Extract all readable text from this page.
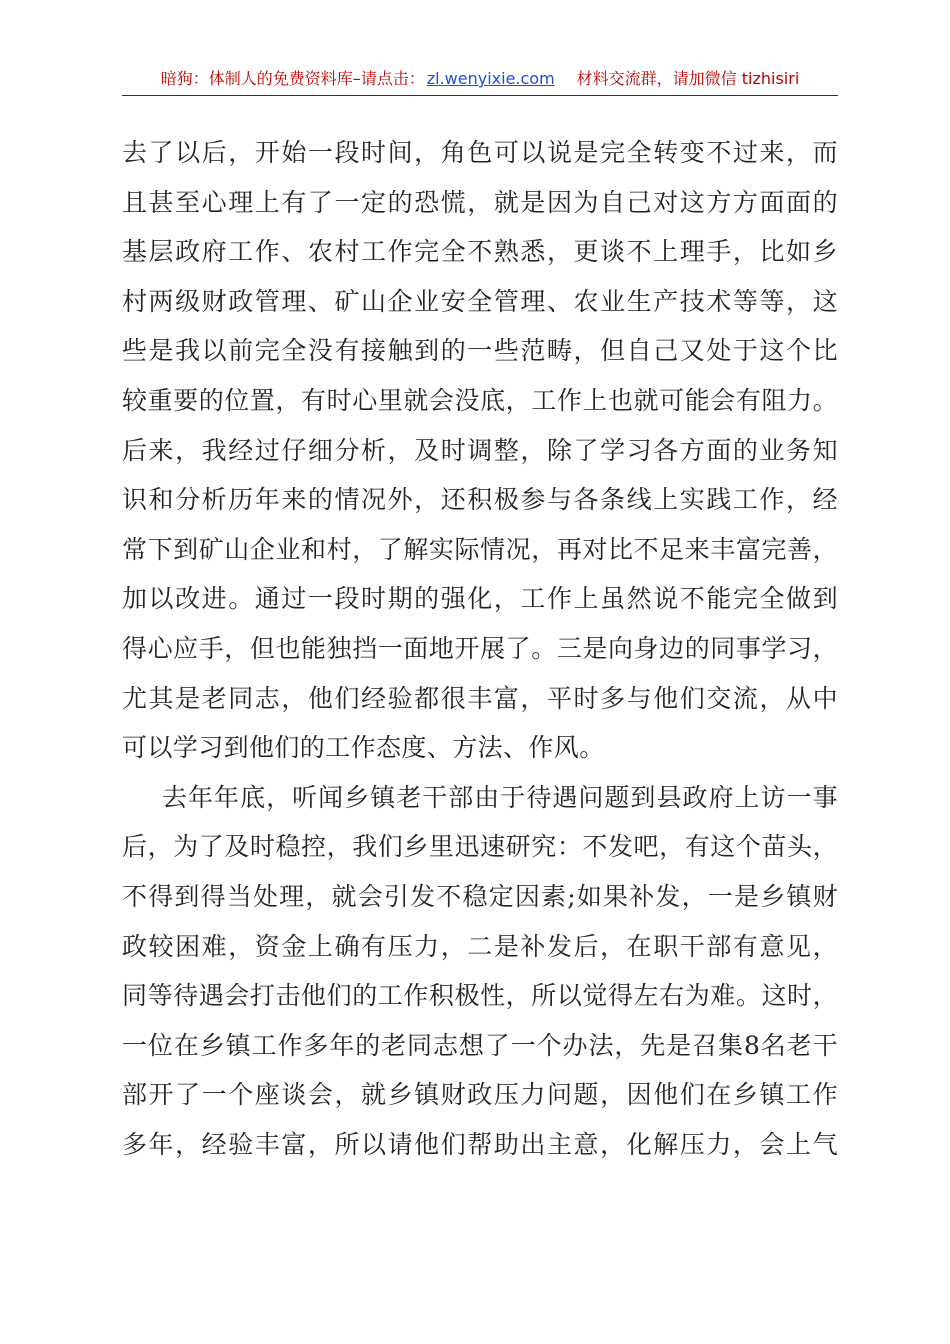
暗狗：体制人的免费资料库–请点击： zl.wenyixie.com 材料交流群，请加微信 tizhisiri
去了以后，开始一段时间，角色可以说是完全转变不过来，而
且甚至心理上有了一定的恐慌，就是因为自己对这方方面面的
基层政府工作、农村工作完全不熟悉，更谈不上理手，比如乡
村两级财政管理、矿山企业安全管理、农业生产技术等等，这
些是我以前完全没有接触到的一些范畴，但自己又处于这个比
较重要的位置，有时心里就会没底，工作上也就可能会有阻力。
后来，我经过仔细分析，及时调整，除了学习各方面的业务知
识和分析历年来的情况外，还积极参与各条线上实践工作，经
常下到矿山企业和村，了解实际情况，再对比不足来丰富完善，
加以改进。通过一段时期的强化，工作上虽然说不能完全做到
得心应手，但也能独挡一面地开展了。三是向身边的同事学习，
尤其是老同志，他们经验都很丰富，平时多与他们交流，从中
可以学习到他们的工作态度、方法、作风。
去年年底，听闻乡镇老干部由于待遇问题到县政府上访一事
后，为了及时稳控，我们乡里迅速研究：不发吧，有这个苗头，
不得到得当处理，就会引发不稳定因素;如果补发，一是乡镇财
政较困难，资金上确有压力，二是补发后，在职干部有意见，
同等待遇会打击他们的工作积极性，所以觉得左右为难。这时，
一位在乡镇工作多年的老同志想了一个办法，先是召集8名老干
部开了一个座谈会，就乡镇财政压力问题，因他们在乡镇工作
多年，经验丰富，所以请他们帮助出主意，化解压力，会上气
